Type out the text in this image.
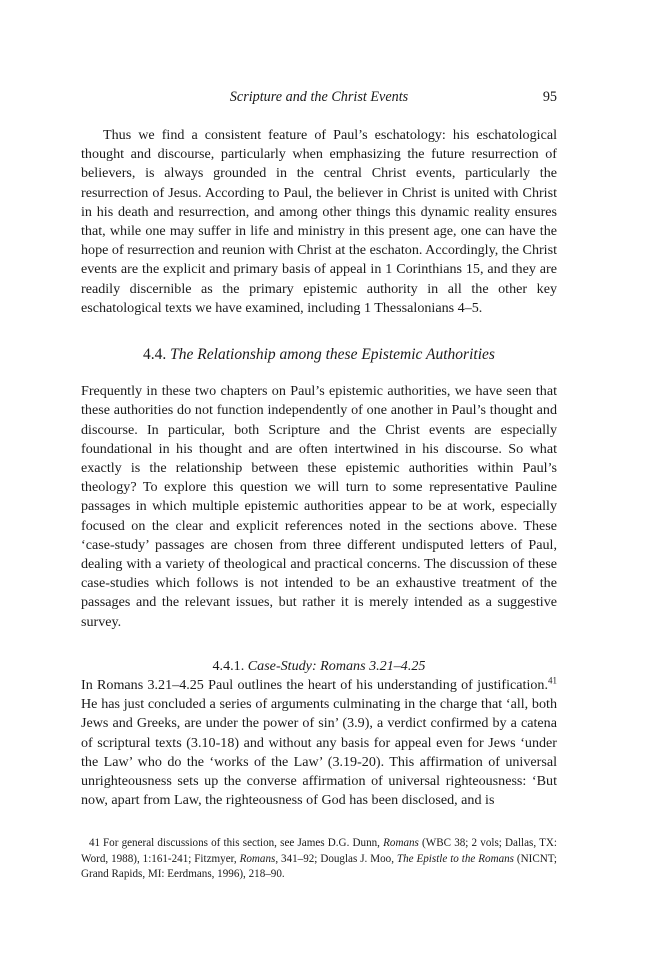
Scripture and the Christ Events	95

Thus we find a consistent feature of Paul’s eschatology: his eschatological thought and discourse, particularly when emphasizing the future resurrection of believers, is always grounded in the central Christ events, particularly the resurrection of Jesus. According to Paul, the believer in Christ is united with Christ in his death and resurrection, and among other things this dynamic reality ensures that, while one may suffer in life and ministry in this present age, one can have the hope of resurrection and reunion with Christ at the eschaton. Accordingly, the Christ events are the explicit and primary basis of appeal in 1 Corinthians 15, and they are readily discernible as the primary epistemic authority in all the other key eschatological texts we have examined, including 1 Thessalonians 4–5.

4.4. The Relationship among these Epistemic Authorities

Frequently in these two chapters on Paul’s epistemic authorities, we have seen that these authorities do not function independently of one another in Paul’s thought and discourse. In particular, both Scripture and the Christ events are especially foundational in his thought and are often intertwined in his discourse. So what exactly is the relationship between these epistemic authorities within Paul’s theology? To explore this question we will turn to some representative Pauline passages in which multiple epistemic authorities appear to be at work, especially focused on the clear and explicit references noted in the sections above. These ‘case-study’ passages are chosen from three different undisputed letters of Paul, dealing with a variety of theological and practical concerns. The discussion of these case-studies which follows is not intended to be an exhaustive treatment of the passages and the relevant issues, but rather it is merely intended as a suggestive survey.

4.4.1. Case-Study: Romans 3.21–4.25

In Romans 3.21–4.25 Paul outlines the heart of his understanding of justification.$^{41}$ He has just concluded a series of arguments culminating in the charge that ‘all, both Jews and Greeks, are under the power of sin’ (3.9), a verdict confirmed by a catena of scriptural texts (3.10-18) and without any basis for appeal even for Jews ‘under the Law’ who do the ‘works of the Law’ (3.19-20). This affirmation of universal unrighteousness sets up the converse affirmation of universal righteousness: ‘But now, apart from Law, the righteousness of God has been disclosed, and is

41 For general discussions of this section, see James D.G. Dunn, Romans (WBC 38; 2 vols; Dallas, TX: Word, 1988), 1:161-241; Fitzmyer, Romans, 341–92; Douglas J. Moo, The Epistle to the Romans (NICNT; Grand Rapids, MI: Eerdmans, 1996), 218–90.
